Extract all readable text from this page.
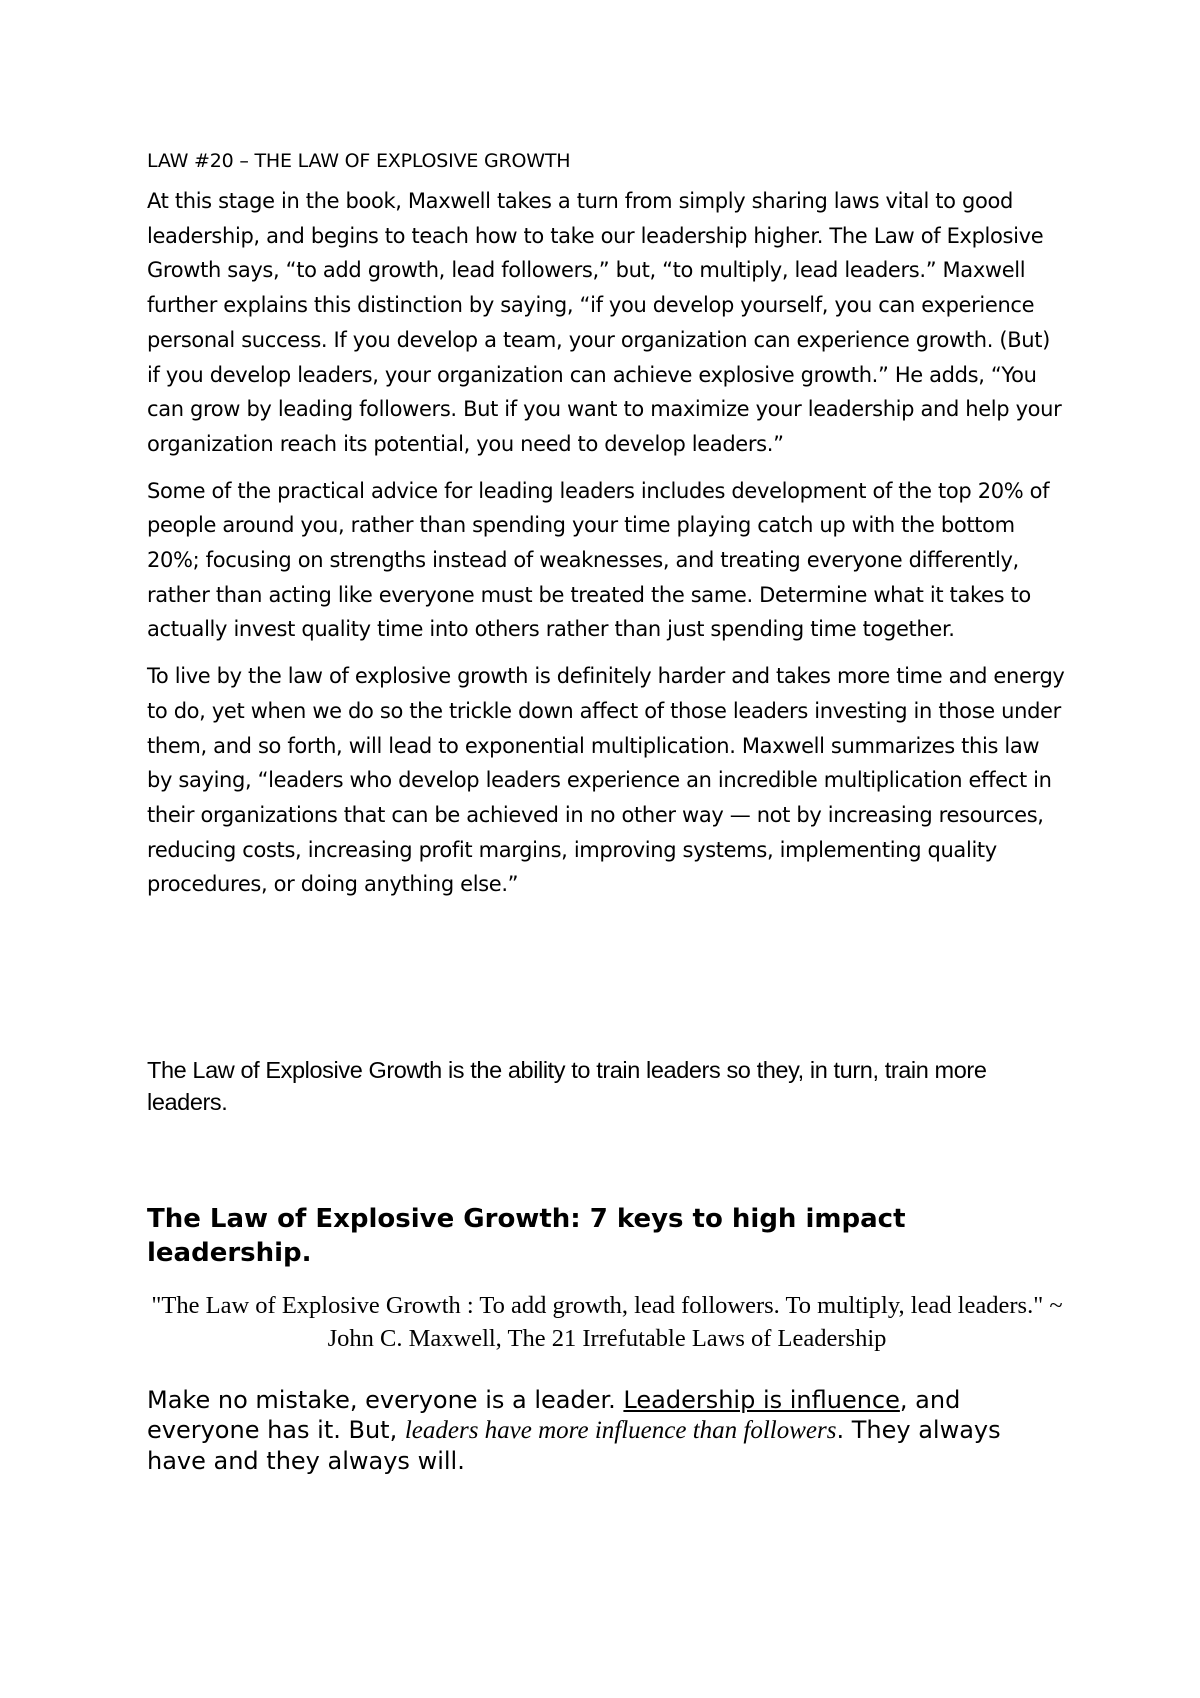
LAW #20 – THE LAW OF EXPLOSIVE GROWTH

At this stage in the book, Maxwell takes a turn from simply sharing laws vital to good leadership, and begins to teach how to take our leadership higher. The Law of Explosive Growth says, “to add growth, lead followers,” but, “to multiply, lead leaders.” Maxwell further explains this distinction by saying, “if you develop yourself, you can experience personal success. If you develop a team, your organization can experience growth. (But) if you develop leaders, your organization can achieve explosive growth.” He adds, “You can grow by leading followers. But if you want to maximize your leadership and help your organization reach its potential, you need to develop leaders.”

Some of the practical advice for leading leaders includes development of the top 20% of people around you, rather than spending your time playing catch up with the bottom 20%; focusing on strengths instead of weaknesses, and treating everyone differently, rather than acting like everyone must be treated the same. Determine what it takes to actually invest quality time into others rather than just spending time together.

To live by the law of explosive growth is definitely harder and takes more time and energy to do, yet when we do so the trickle down affect of those leaders investing in those under them, and so forth, will lead to exponential multiplication. Maxwell summarizes this law by saying, “leaders who develop leaders experience an incredible multiplication effect in their organizations that can be achieved in no other way — not by increasing resources, reducing costs, increasing profit margins, improving systems, implementing quality procedures, or doing anything else.”

The Law of Explosive Growth is the ability to train leaders so they, in turn, train more leaders.

The Law of Explosive Growth: 7 keys to high impact leadership.

"The Law of Explosive Growth : To add growth, lead followers. To multiply, lead leaders." ~ John C. Maxwell, The 21 Irrefutable Laws of Leadership

Make no mistake, everyone is a leader. Leadership is influence, and everyone has it. But, leaders have more influence than followers. They always have and they always will.
